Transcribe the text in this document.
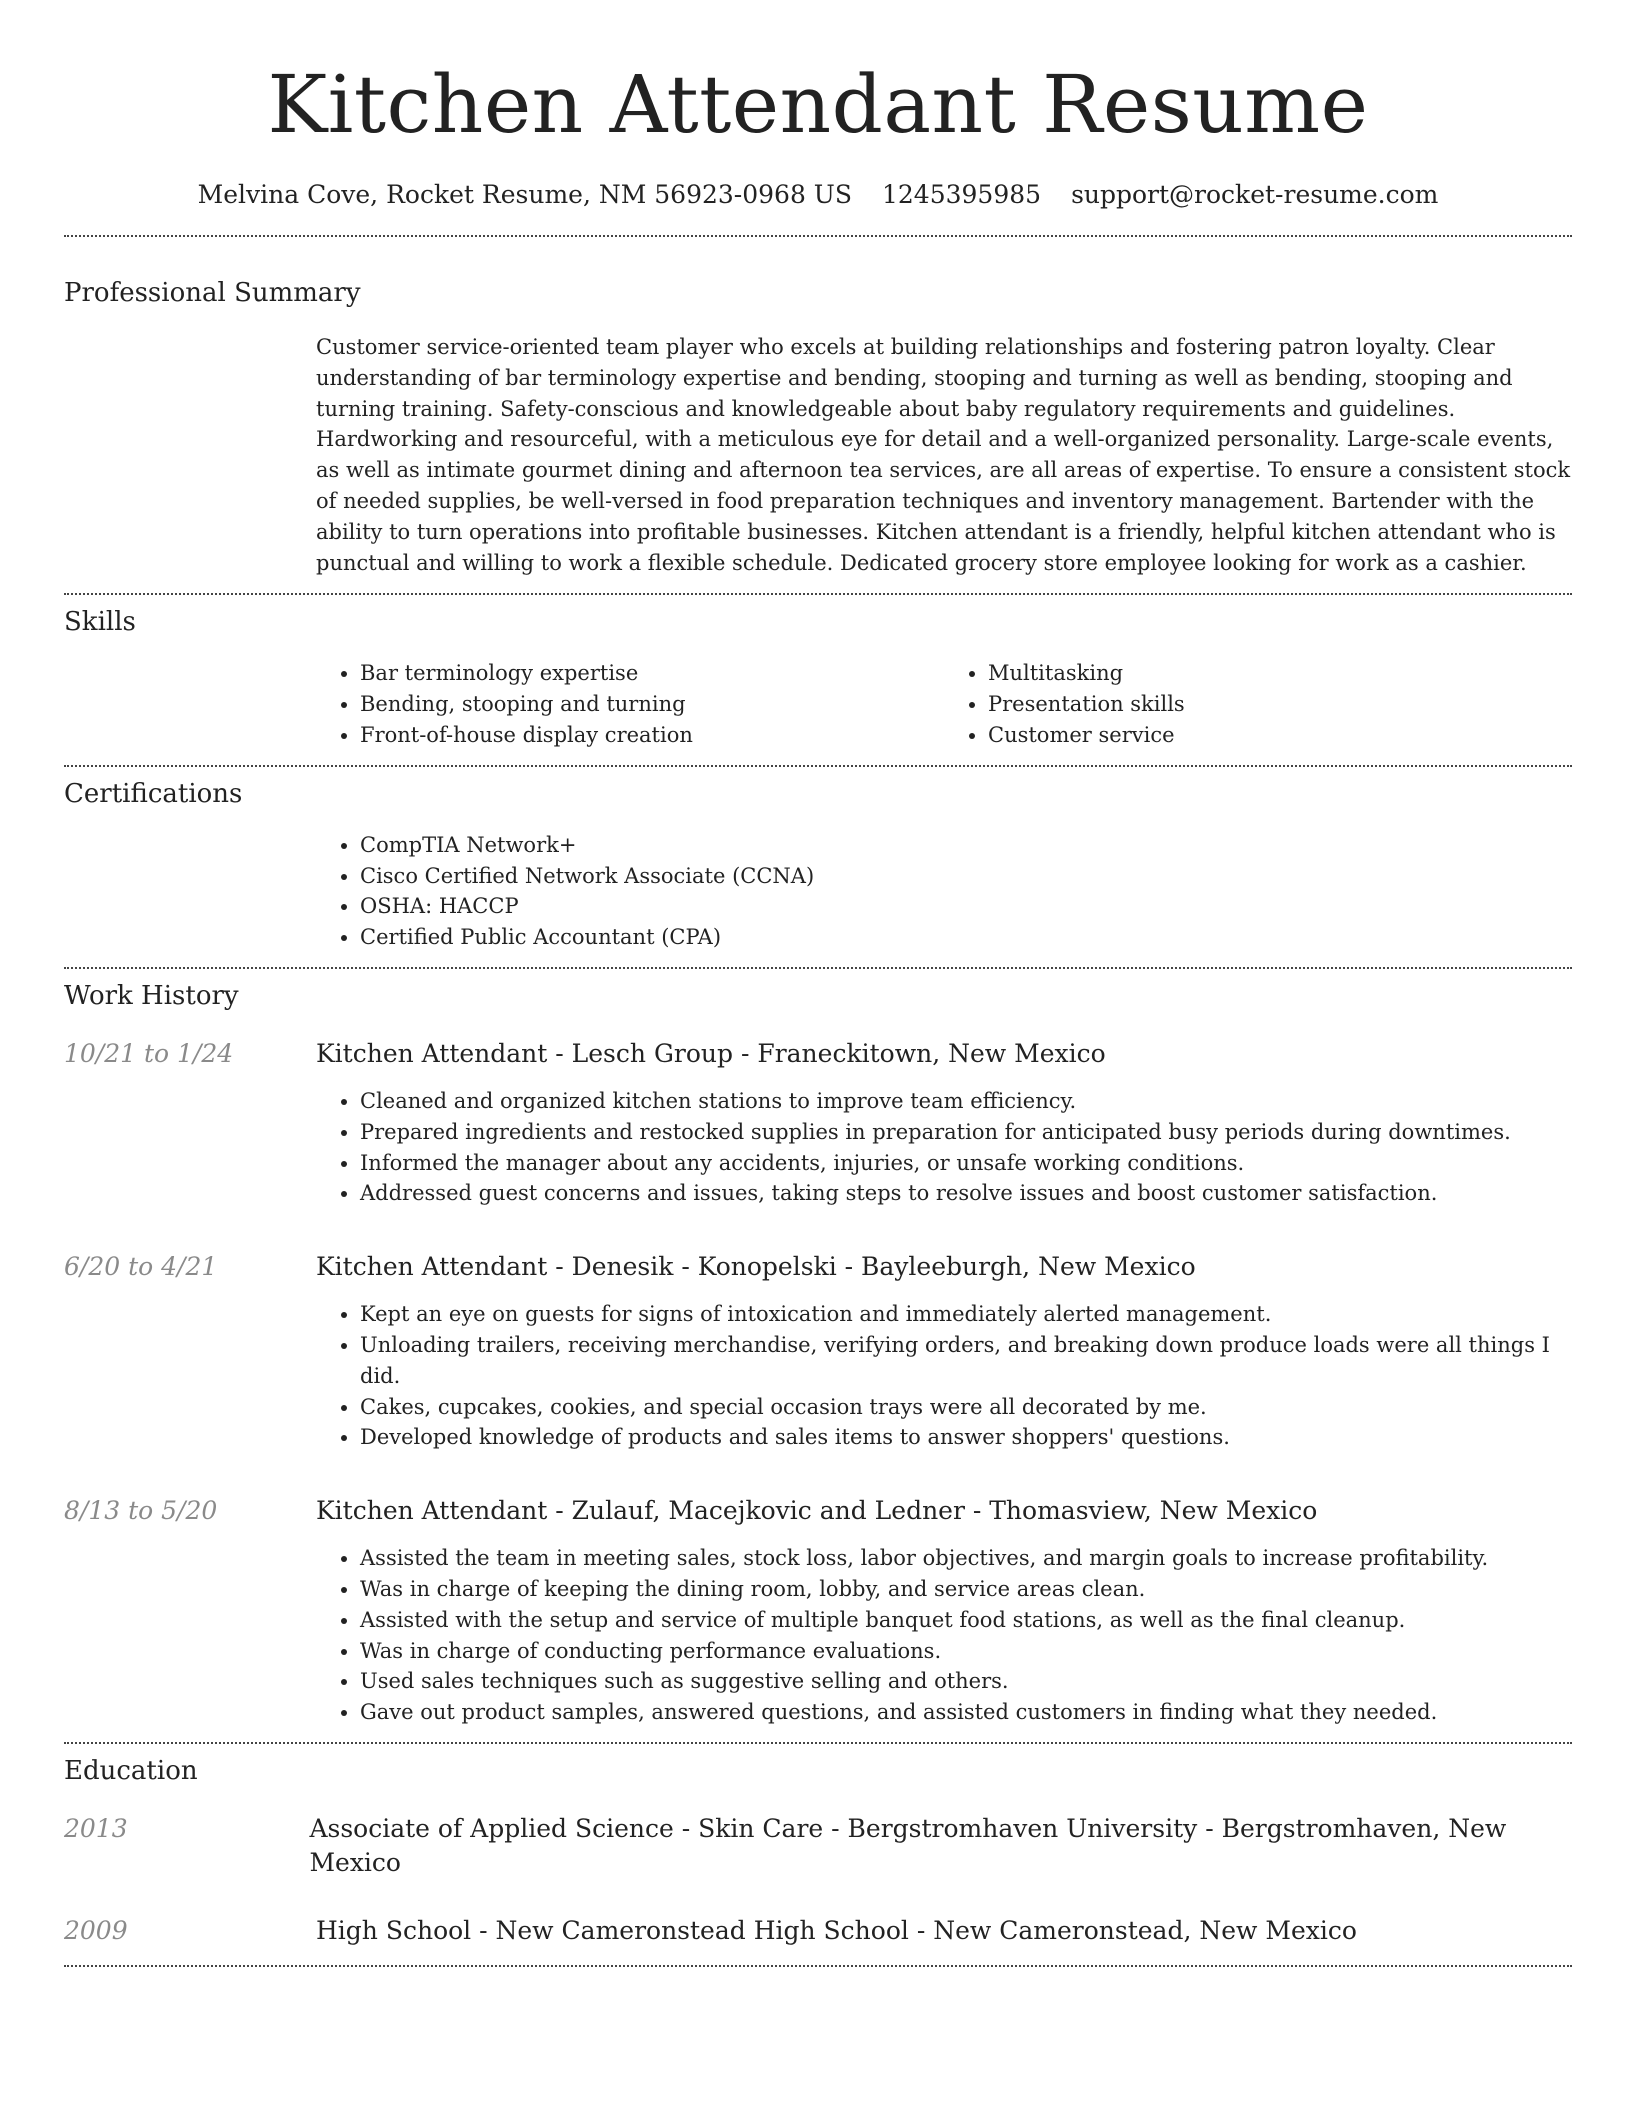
Kitchen Attendant Resume
Melvina Cove, Rocket Resume, NM 56923-0968 US 1245395985 support@rocket-resume.com
Professional Summary
Customer service-oriented team player who excels at building relationships and fostering patron loyalty. Clear understanding of bar terminology expertise and bending, stooping and turning as well as bending, stooping and turning training. Safety-conscious and knowledgeable about baby regulatory requirements and guidelines. Hardworking and resourceful, with a meticulous eye for detail and a well-organized personality. Large-scale events, as well as intimate gourmet dining and afternoon tea services, are all areas of expertise. To ensure a consistent stock of needed supplies, be well-versed in food preparation techniques and inventory management. Bartender with the ability to turn operations into profitable businesses. Kitchen attendant is a friendly, helpful kitchen attendant who is punctual and willing to work a flexible schedule. Dedicated grocery store employee looking for work as a cashier.
Skills
• Bar terminology expertise
• Bending, stooping and turning
• Front-of-house display creation
• Multitasking
• Presentation skills
• Customer service
Certifications
• CompTIA Network+
• Cisco Certified Network Associate (CCNA)
• OSHA: HACCP
• Certified Public Accountant (CPA)
Work History
10/21 to 1/24	Kitchen Attendant - Lesch Group - Franeckitown, New Mexico
• Cleaned and organized kitchen stations to improve team efficiency.
• Prepared ingredients and restocked supplies in preparation for anticipated busy periods during downtimes.
• Informed the manager about any accidents, injuries, or unsafe working conditions.
• Addressed guest concerns and issues, taking steps to resolve issues and boost customer satisfaction.
6/20 to 4/21	Kitchen Attendant - Denesik - Konopelski - Bayleeburgh, New Mexico
• Kept an eye on guests for signs of intoxication and immediately alerted management.
• Unloading trailers, receiving merchandise, verifying orders, and breaking down produce loads were all things I did.
• Cakes, cupcakes, cookies, and special occasion trays were all decorated by me.
• Developed knowledge of products and sales items to answer shoppers' questions.
8/13 to 5/20	Kitchen Attendant - Zulauf, Macejkovic and Ledner - Thomasview, New Mexico
• Assisted the team in meeting sales, stock loss, labor objectives, and margin goals to increase profitability.
• Was in charge of keeping the dining room, lobby, and service areas clean.
• Assisted with the setup and service of multiple banquet food stations, as well as the final cleanup.
• Was in charge of conducting performance evaluations.
• Used sales techniques such as suggestive selling and others.
• Gave out product samples, answered questions, and assisted customers in finding what they needed.
Education
2013	Associate of Applied Science - Skin Care - Bergstromhaven University - Bergstromhaven, New Mexico
2009	High School - New Cameronstead High School - New Cameronstead, New Mexico
